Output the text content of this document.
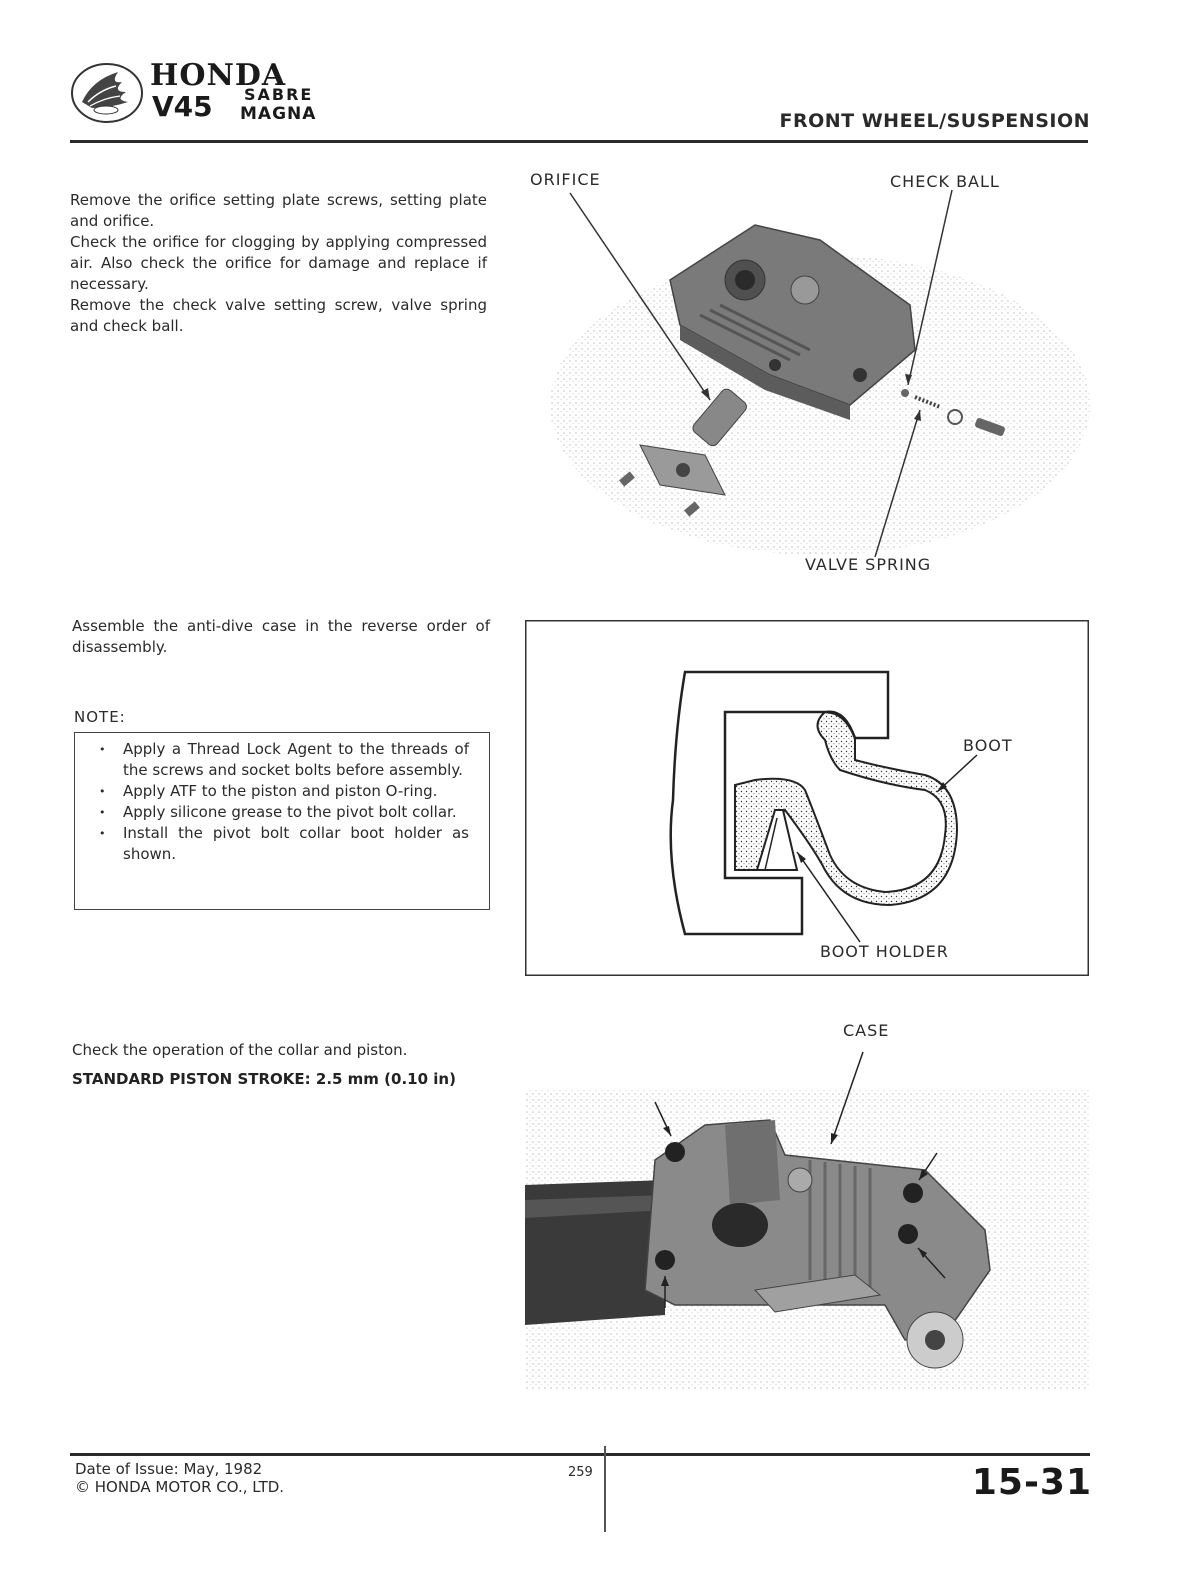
HONDA
V45 SABRE
MAGNA	FRONT WHEEL/SUSPENSION
Remove the orifice setting plate screws, setting plate and orifice.
Check the orifice for clogging by applying compressed air. Also check the orifice for damage and replace if necessary.
Remove the check valve setting screw, valve spring and check ball.
ORIFICE	CHECK BALL
VALVE SPRING
Assemble the anti-dive case in the reverse order of disassembly.
NOTE:
• Apply a Thread Lock Agent to the threads of the screws and socket bolts before assembly.
• Apply ATF to the piston and piston O-ring.
• Apply silicone grease to the pivot bolt collar.
• Install the pivot bolt collar boot holder as shown.
BOOT
BOOT HOLDER
Check the operation of the collar and piston.
STANDARD PISTON STROKE: 2.5 mm (0.10 in)
CASE
Date of Issue: May, 1982
© HONDA MOTOR CO., LTD.
259	15-31
